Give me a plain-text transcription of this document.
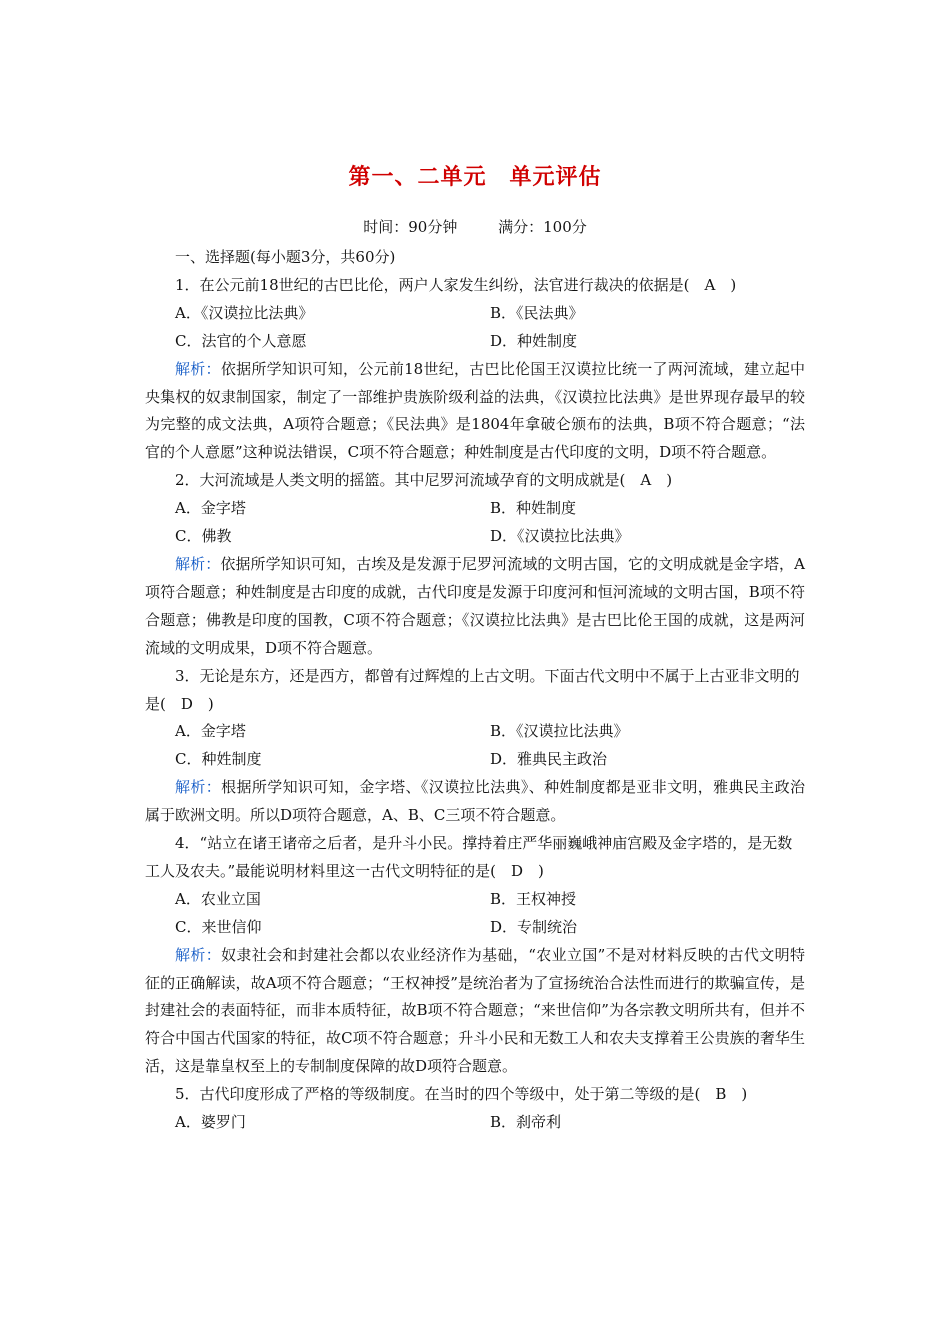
第一、二单元　单元评估
时间：90分钟	满分：100分

一、选择题(每小题3分，共60分)

1．在公元前18世纪的古巴比伦，两户人家发生纠纷，法官进行裁决的依据是(　A　)

A．《汉谟拉比法典》	B．《民法典》
C．法官的个人意愿	D．种姓制度

解析：依据所学知识可知，公元前18世纪，古巴比伦国王汉谟拉比统一了两河流域，建立起中央集权的奴隶制国家，制定了一部维护贵族阶级利益的法典，《汉谟拉比法典》是世界现存最早的较为完整的成文法典，A项符合题意；《民法典》是1804年拿破仑颁布的法典，B项不符合题意；“法官的个人意愿”这种说法错误，C项不符合题意；种姓制度是古代印度的文明，D项不符合题意。

2．大河流域是人类文明的摇篮。其中尼罗河流域孕育的文明成就是(　A　)

A．金字塔	B．种姓制度
C．佛教	D．《汉谟拉比法典》

解析：依据所学知识可知，古埃及是发源于尼罗河流域的文明古国，它的文明成就是金字塔，A项符合题意；种姓制度是古印度的成就，古代印度是发源于印度河和恒河流域的文明古国，B项不符合题意；佛教是印度的国教，C项不符合题意；《汉谟拉比法典》是古巴比伦王国的成就，这是两河流域的文明成果，D项不符合题意。

3．无论是东方，还是西方，都曾有过辉煌的上古文明。下面古代文明中不属于上古亚非文明的是(　D　)

A．金字塔	B．《汉谟拉比法典》
C．种姓制度	D．雅典民主政治

解析：根据所学知识可知，金字塔、《汉谟拉比法典》、种姓制度都是亚非文明，雅典民主政治属于欧洲文明。所以D项符合题意，A、B、C三项不符合题意。

4．“站立在诸王诸帝之后者，是升斗小民。撑持着庄严华丽巍峨神庙宫殿及金字塔的，是无数工人及农夫。”最能说明材料里这一古代文明特征的是(　D　)

A．农业立国	B．王权神授
C．来世信仰	D．专制统治

解析：奴隶社会和封建社会都以农业经济作为基础，“农业立国”不是对材料反映的古代文明特征的正确解读，故A项不符合题意；“王权神授”是统治者为了宣扬统治合法性而进行的欺骗宣传，是封建社会的表面特征，而非本质特征，故B项不符合题意；“来世信仰”为各宗教文明所共有，但并不符合中国古代国家的特征，故C项不符合题意；升斗小民和无数工人和农夫支撑着王公贵族的奢华生活，这是靠皇权至上的专制制度保障的故D项符合题意。

5．古代印度形成了严格的等级制度。在当时的四个等级中，处于第二等级的是(　B　)

A．婆罗门	B．刹帝利
